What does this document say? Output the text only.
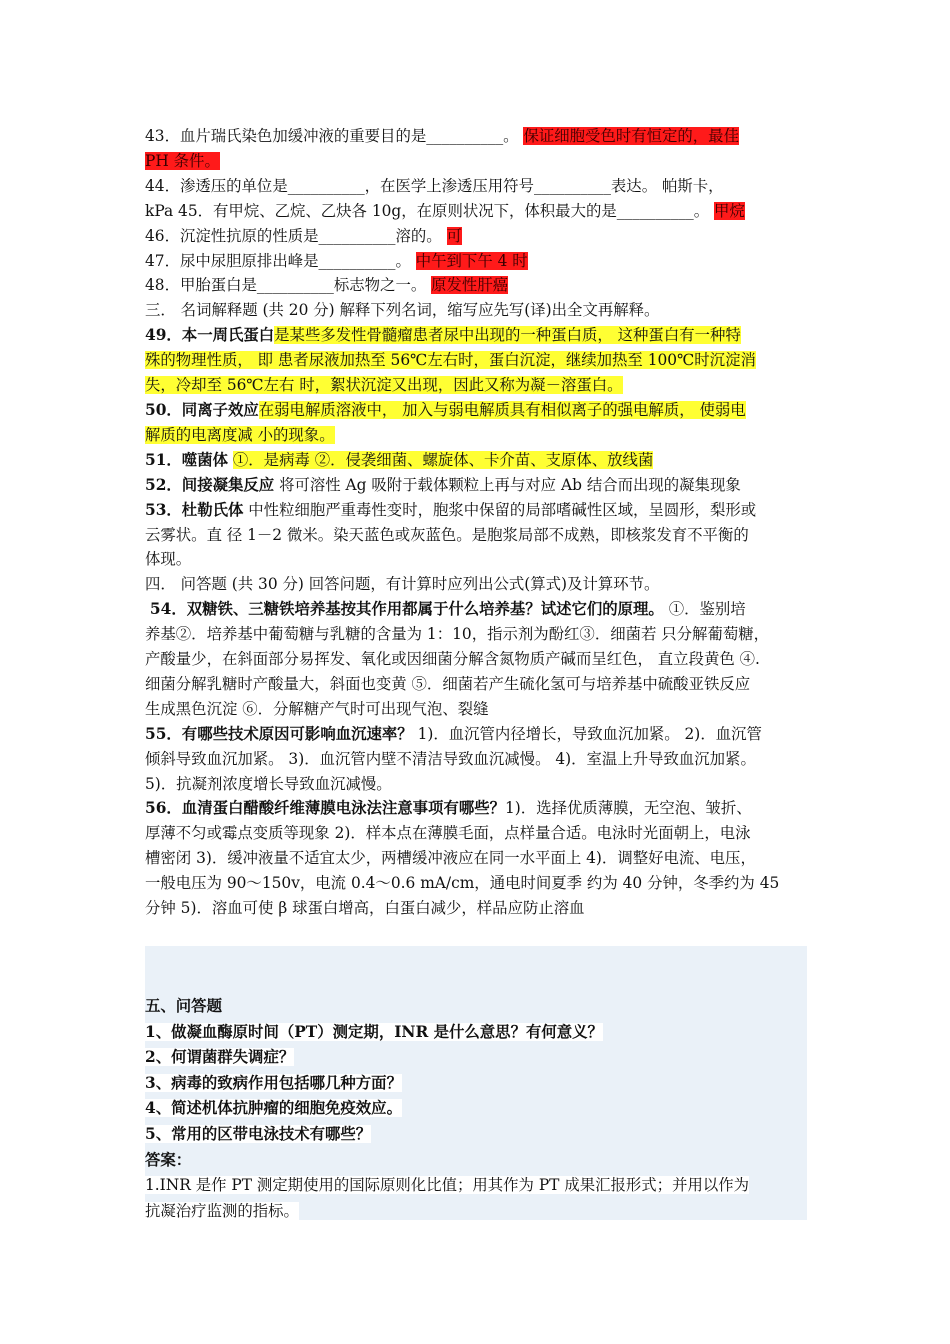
43．血片瑞氏染色加缓冲液的重要目的是__________。 保证细胞受色时有恒定的，最佳
PH 条件。
44．渗透压的单位是__________，在医学上渗透压用符号__________表达。 帕斯卡，
kPa 45．有甲烷、乙烷、乙炔各 10g，在原则状况下，体积最大的是__________。 甲烷
46．沉淀性抗原的性质是__________溶的。 可
47．尿中尿胆原排出峰是__________。 中午到下午 4 时
48．甲胎蛋白是__________标志物之一。 原发性肝癌
三． 名词解释题 (共 20 分) 解释下列名词，缩写应先写(译)出全文再解释。
49．本一周氏蛋白是某些多发性骨髓瘤患者尿中出现的一种蛋白质， 这种蛋白有一种特
殊的物理性质， 即 患者尿液加热至 56℃左右时，蛋白沉淀，继续加热至 100℃时沉淀消
失，冷却至 56℃左右 时，絮状沉淀又出现，因此又称为凝－溶蛋白。
50．同离子效应在弱电解质溶液中， 加入与弱电解质具有相似离子的强电解质， 使弱电
解质的电离度减 小的现象。
51．噬菌体 ①．是病毒 ②．侵袭细菌、螺旋体、卡介苗、支原体、放线菌
52．间接凝集反应 将可溶性 Ag 吸附于载体颗粒上再与对应 Ab 结合而出现的凝集现象
53．杜勒氏体 中性粒细胞严重毒性变时，胞浆中保留的局部嗜碱性区域，呈圆形，梨形或
云雾状。直 径 1－2 微米。染天蓝色或灰蓝色。是胞浆局部不成熟，即核浆发育不平衡的
体现。
四． 问答题 (共 30 分) 回答问题，有计算时应列出公式(算式)及计算环节。
54．双糖铁、三糖铁培养基按其作用都属于什么培养基？试述它们的原理。 ①．鉴别培
养基②．培养基中葡萄糖与乳糖的含量为 1：10，指示剂为酚红③．细菌若 只分解葡萄糖，
产酸量少，在斜面部分易挥发、氧化或因细菌分解含氮物质产碱而呈红色， 直立段黄色 ④.
细菌分解乳糖时产酸量大，斜面也变黄 ⑤．细菌若产生硫化氢可与培养基中硫酸亚铁反应
生成黑色沉淀 ⑥．分解糖产气时可出现气泡、裂缝
55．有哪些技术原因可影响血沉速率？ 1)．血沉管内径增长，导致血沉加紧。 2)．血沉管
倾斜导致血沉加紧。 3)．血沉管内壁不清洁导致血沉减慢。 4)．室温上升导致血沉加紧。
5)．抗凝剂浓度增长导致血沉减慢。
56．血清蛋白醋酸纤维薄膜电泳法注意事项有哪些？1)．选择优质薄膜，无空泡、皱折、
厚薄不匀或霉点变质等现象 2)．样本点在薄膜毛面，点样量合适。电泳时光面朝上，电泳
槽密闭 3)．缓冲液量不适宜太少，两槽缓冲液应在同一水平面上 4)．调整好电流、电压，
一般电压为 90～150v，电流 0.4～0.6 mA/cm，通电时间夏季 约为 40 分钟，冬季约为 45
分钟 5)．溶血可使 β 球蛋白增高，白蛋白减少，样品应防止溶血
五、问答题
1、做凝血酶原时间（PT）测定期，INR 是什么意思？有何意义？
2、何谓菌群失调症？
3、病毒的致病作用包括哪几种方面？
4、简述机体抗肿瘤的细胞免疫效应。
5、常用的区带电泳技术有哪些？
答案：
1.INR 是作 PT 测定期使用的国际原则化比值；用其作为 PT 成果汇报形式；并用以作为
抗凝治疗监测的指标。
